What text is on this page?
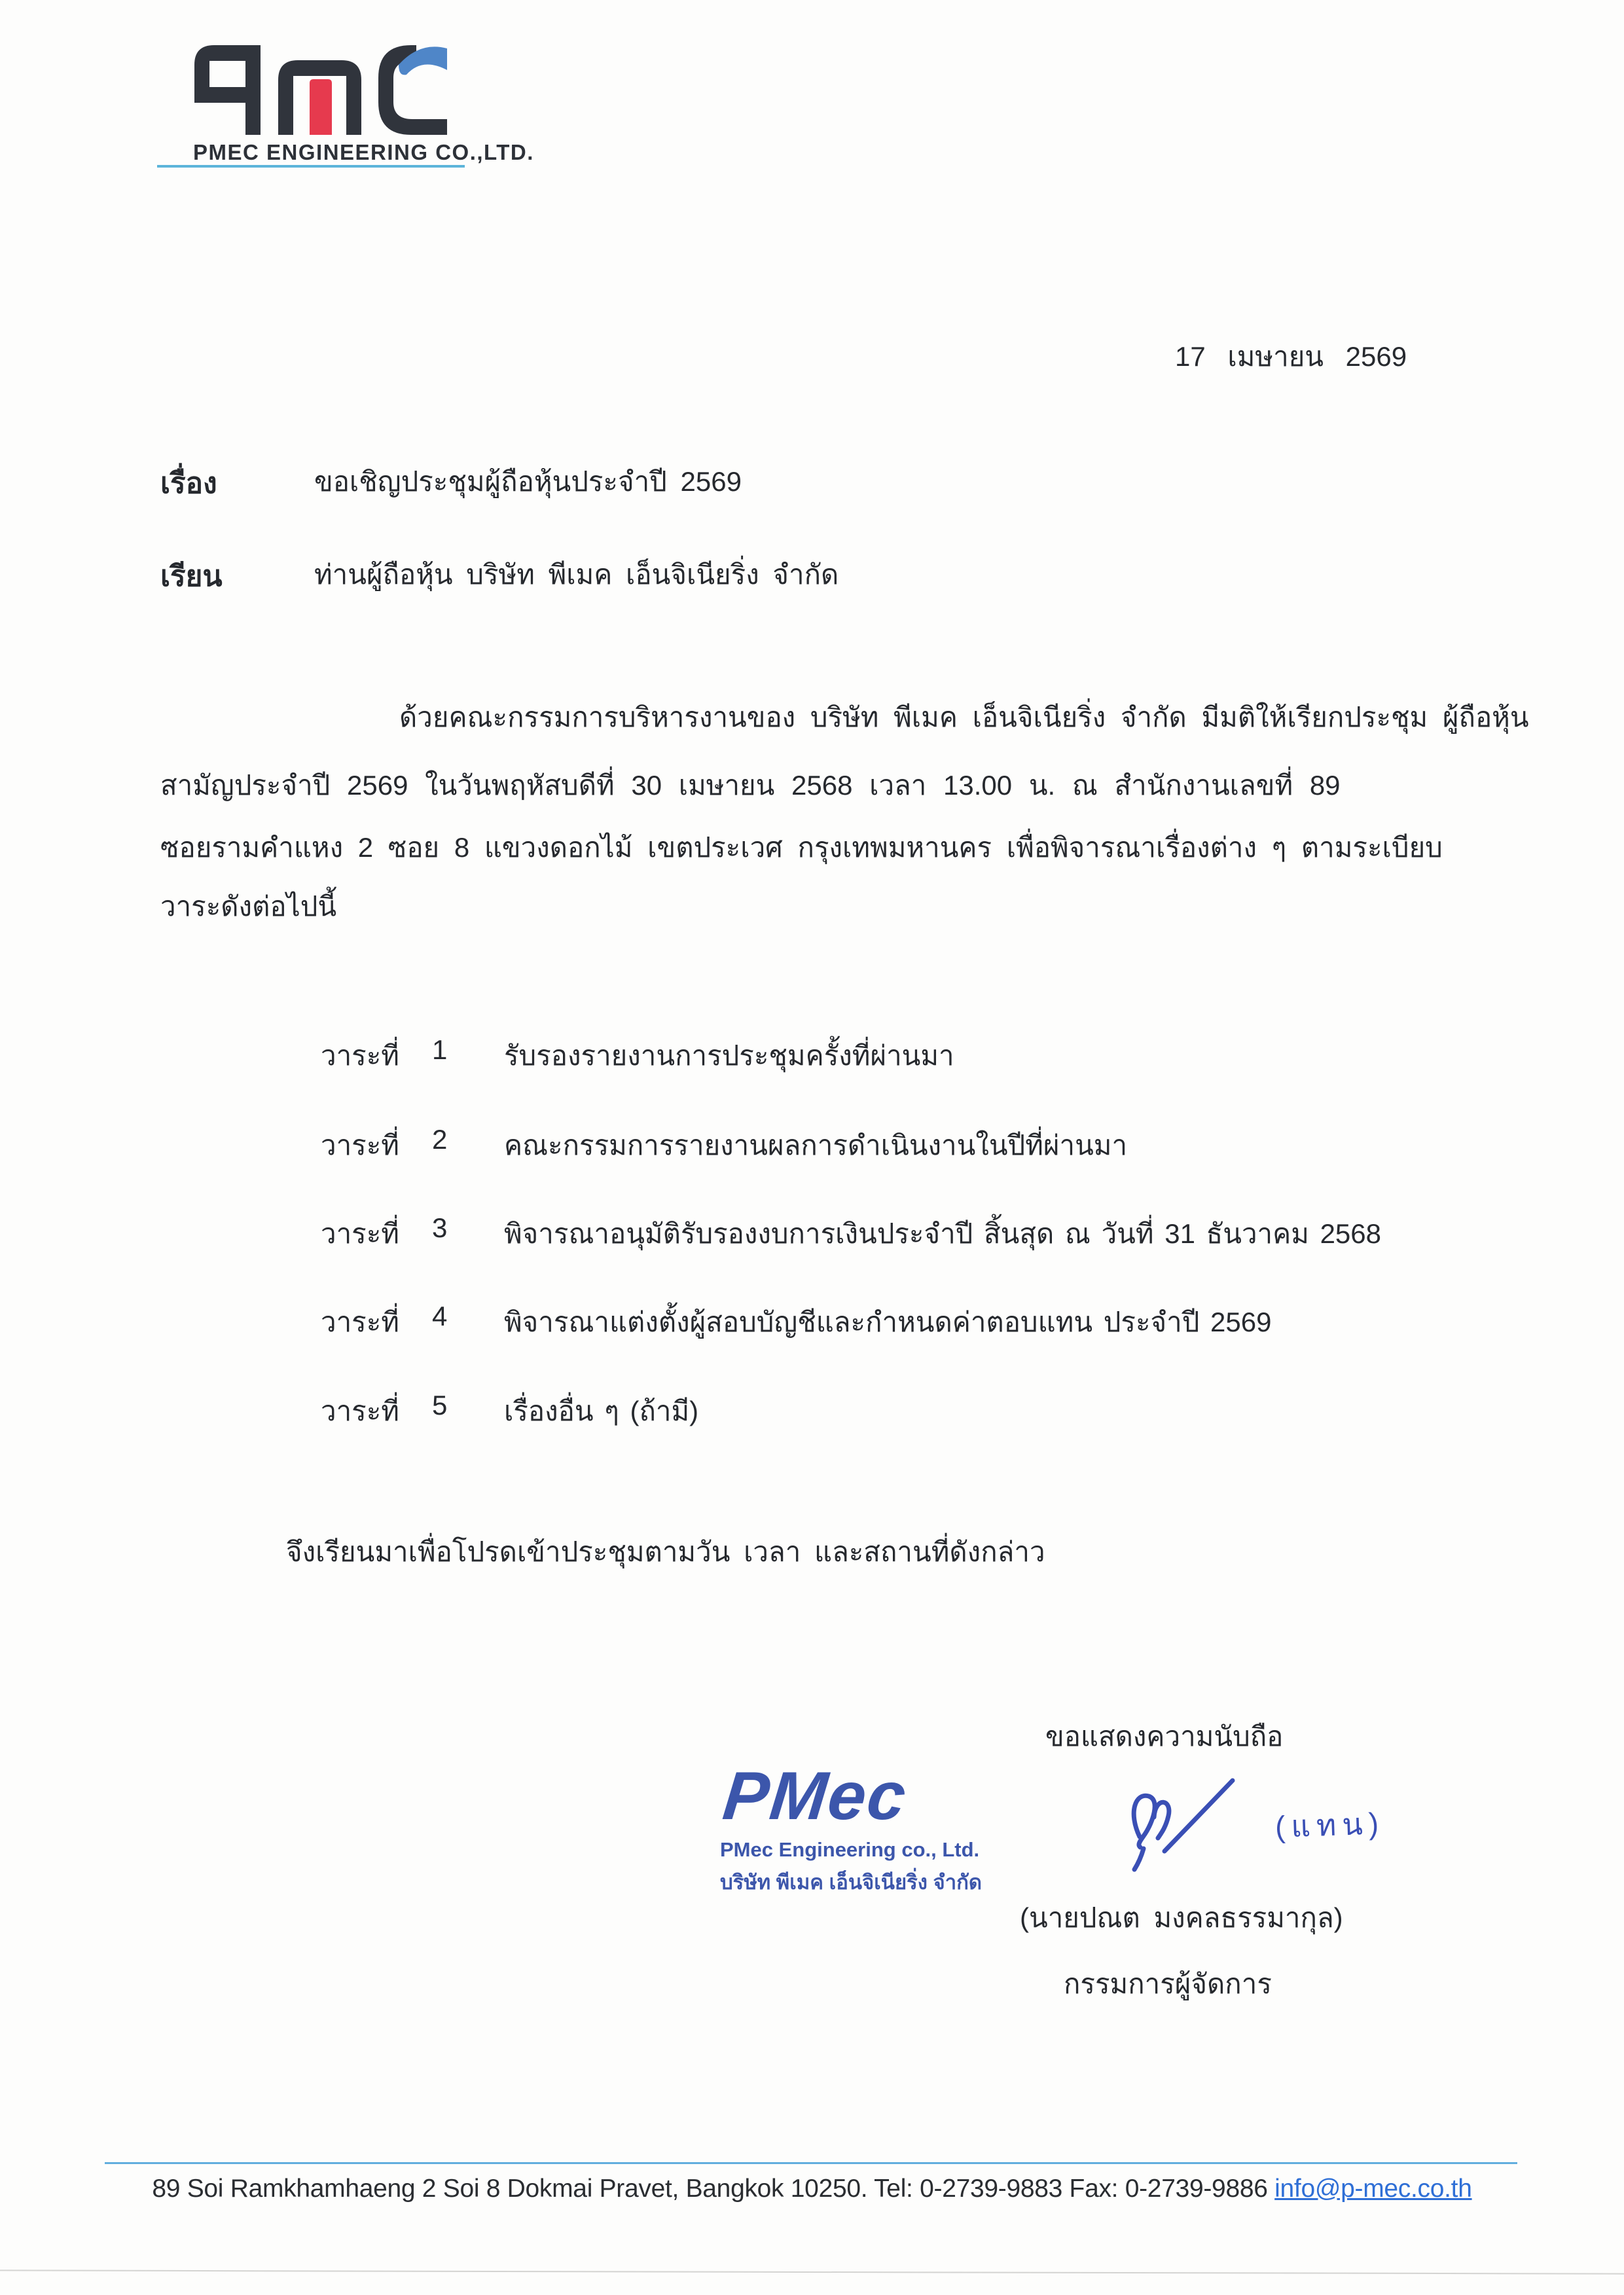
PMEC ENGINEERING CO.,LTD.
17 เมษายน 2569
เรื่อง	ขอเชิญประชุมผู้ถือหุ้นประจำปี 2569
เรียน	ท่านผู้ถือหุ้น บริษัท พีเมค เอ็นจิเนียริ่ง จำกัด
ด้วยคณะกรรมการบริหารงานของ บริษัท พีเมค เอ็นจิเนียริ่ง จำกัด มีมติให้เรียกประชุม ผู้ถือหุ้น
สามัญประจำปี 2569 ในวันพฤหัสบดีที่ 30 เมษายน 2568 เวลา 13.00 น. ณ สำนักงานเลขที่ 89
ซอยรามคำแหง 2 ซอย 8 แขวงดอกไม้ เขตประเวศ กรุงเทพมหานคร เพื่อพิจารณาเรื่องต่าง ๆ ตามระเบียบ
วาระดังต่อไปนี้
วาระที่	1	รับรองรายงานการประชุมครั้งที่ผ่านมา
วาระที่	2	คณะกรรมการรายงานผลการดำเนินงานในปีที่ผ่านมา
วาระที่	3	พิจารณาอนุมัติรับรองงบการเงินประจำปี สิ้นสุด ณ วันที่ 31 ธันวาคม 2568
วาระที่	4	พิจารณาแต่งตั้งผู้สอบบัญชีและกำหนดค่าตอบแทน ประจำปี 2569
วาระที่	5	เรื่องอื่น ๆ (ถ้ามี)
จึงเรียนมาเพื่อโปรดเข้าประชุมตามวัน เวลา และสถานที่ดังกล่าว
ขอแสดงความนับถือ
PMec
PMec Engineering co., Ltd.
บริษัท พีเมค เอ็นจิเนียริ่ง จำกัด
(แทน)
(นายปณต มงคลธรรมากุล)
กรรมการผู้จัดการ
89 Soi Ramkhamhaeng 2 Soi 8 Dokmai Pravet, Bangkok 10250. Tel: 0-2739-9883 Fax: 0-2739-9886 info@p-mec.co.th
